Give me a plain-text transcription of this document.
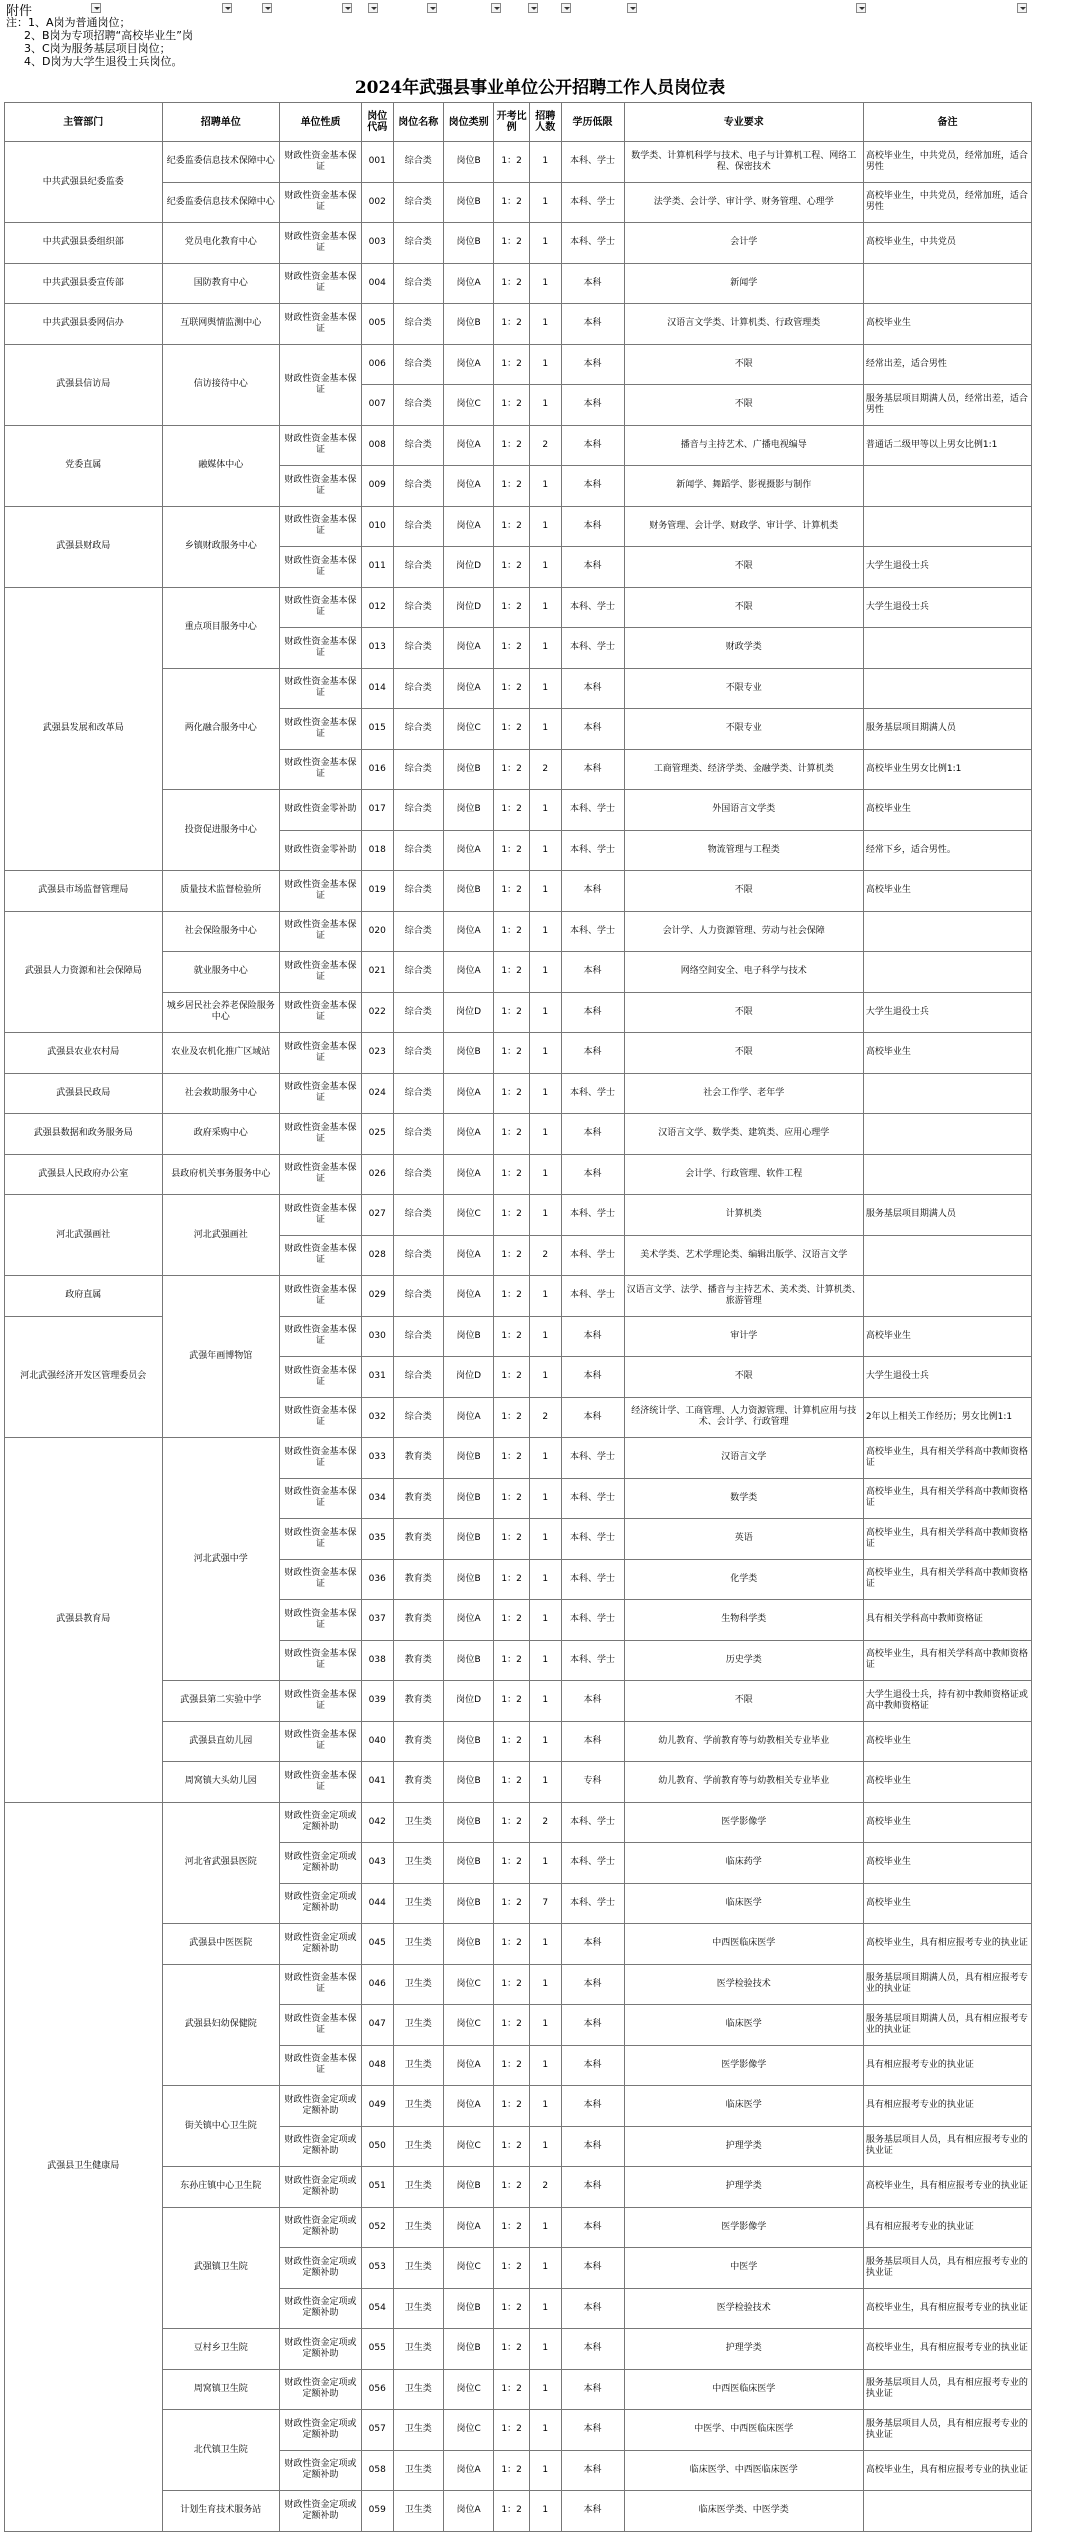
附件
注：1、A岗为普通岗位；
2、B岗为专项招聘“高校毕业生”岗
3、C岗为服务基层项目岗位；
4、D岗为大学生退役士兵岗位。
2024年武强县事业单位公开招聘工作人员岗位表
主管部门	招聘单位	单位性质	岗位代码	岗位名称	岗位类别	开考比例	招聘人数	学历低限	专业要求	备注
中共武强县纪委监委	纪委监委信息技术保障中心	财政性资金基本保证	001	综合类	岗位B	1：2	1	本科、学士	数学类、计算机科学与技术、电子与计算机工程、网络工程、保密技术	高校毕业生，中共党员，经常加班，适合男性
	纪委监委信息技术保障中心	财政性资金基本保证	002	综合类	岗位B	1：2	1	本科、学士	法学类、会计学、审计学、财务管理、心理学	高校毕业生，中共党员，经常加班，适合男性
中共武强县委组织部	党员电化教育中心	财政性资金基本保证	003	综合类	岗位B	1：2	1	本科、学士	会计学	高校毕业生，中共党员
中共武强县委宣传部	国防教育中心	财政性资金基本保证	004	综合类	岗位A	1：2	1	本科	新闻学	
中共武强县委网信办	互联网舆情监测中心	财政性资金基本保证	005	综合类	岗位B	1：2	1	本科	汉语言文学类、计算机类、行政管理类	高校毕业生
武强县信访局	信访接待中心	财政性资金基本保证	006	综合类	岗位A	1：2	1	本科	不限	经常出差，适合男性
			007	综合类	岗位C	1：2	1	本科	不限	服务基层项目期满人员，经常出差，适合男性
党委直属	融媒体中心	财政性资金基本保证	008	综合类	岗位A	1：2	2	本科	播音与主持艺术、广播电视编导	普通话二级甲等以上男女比例1:1
		财政性资金基本保证	009	综合类	岗位A	1：2	1	本科	新闻学、舞蹈学、影视摄影与制作	
武强县财政局	乡镇财政服务中心	财政性资金基本保证	010	综合类	岗位A	1：2	1	本科	财务管理、会计学、财政学、审计学、计算机类	
		财政性资金基本保证	011	综合类	岗位D	1：2	1	本科	不限	大学生退役士兵
武强县发展和改革局	重点项目服务中心	财政性资金基本保证	012	综合类	岗位D	1：2	1	本科、学士	不限	大学生退役士兵
		财政性资金基本保证	013	综合类	岗位A	1：2	1	本科、学士	财政学类	
	两化融合服务中心	财政性资金基本保证	014	综合类	岗位A	1：2	1	本科	不限专业	
		财政性资金基本保证	015	综合类	岗位C	1：2	1	本科	不限专业	服务基层项目期满人员
		财政性资金基本保证	016	综合类	岗位B	1：2	2	本科	工商管理类、经济学类、金融学类、计算机类	高校毕业生男女比例1:1
	投资促进服务中心	财政性资金零补助	017	综合类	岗位B	1：2	1	本科、学士	外国语言文学类	高校毕业生
		财政性资金零补助	018	综合类	岗位A	1：2	1	本科、学士	物流管理与工程类	经常下乡，适合男性。
武强县市场监督管理局	质量技术监督检验所	财政性资金基本保证	019	综合类	岗位B	1：2	1	本科	不限	高校毕业生
武强县人力资源和社会保障局	社会保险服务中心	财政性资金基本保证	020	综合类	岗位A	1：2	1	本科、学士	会计学、人力资源管理、劳动与社会保障	
	就业服务中心	财政性资金基本保证	021	综合类	岗位A	1：2	1	本科	网络空间安全、电子科学与技术	
	城乡居民社会养老保险服务中心	财政性资金基本保证	022	综合类	岗位D	1：2	1	本科	不限	大学生退役士兵
武强县农业农村局	农业及农机化推广区域站	财政性资金基本保证	023	综合类	岗位B	1：2	1	本科	不限	高校毕业生
武强县民政局	社会救助服务中心	财政性资金基本保证	024	综合类	岗位A	1：2	1	本科、学士	社会工作学、老年学	
武强县数据和政务服务局	政府采购中心	财政性资金基本保证	025	综合类	岗位A	1：2	1	本科	汉语言文学、数学类、建筑类、应用心理学	
武强县人民政府办公室	县政府机关事务服务中心	财政性资金基本保证	026	综合类	岗位A	1：2	1	本科	会计学、行政管理、软件工程	
河北武强画社	河北武强画社	财政性资金基本保证	027	综合类	岗位C	1：2	1	本科、学士	计算机类	服务基层项目期满人员
		财政性资金基本保证	028	综合类	岗位A	1：2	2	本科、学士	美术学类、艺术学理论类、编辑出版学、汉语言文学	
政府直属	武强年画博物馆	财政性资金基本保证	029	综合类	岗位A	1：2	1	本科、学士	汉语言文学、法学、播音与主持艺术、美术类、计算机类、旅游管理	
河北武强经济开发区管理委员会		财政性资金基本保证	030	综合类	岗位B	1：2	1	本科	审计学	高校毕业生
		财政性资金基本保证	031	综合类	岗位D	1：2	1	本科	不限	大学生退役士兵
		财政性资金基本保证	032	综合类	岗位A	1：2	2	本科	经济统计学、工商管理、人力资源管理、计算机应用与技术、会计学、行政管理	2年以上相关工作经历；男女比例1:1
武强县教育局	河北武强中学	财政性资金基本保证	033	教育类	岗位B	1：2	1	本科、学士	汉语言文学	高校毕业生，具有相关学科高中教师资格证
		财政性资金基本保证	034	教育类	岗位B	1：2	1	本科、学士	数学类	高校毕业生，具有相关学科高中教师资格证
		财政性资金基本保证	035	教育类	岗位B	1：2	1	本科、学士	英语	高校毕业生，具有相关学科高中教师资格证
		财政性资金基本保证	036	教育类	岗位B	1：2	1	本科、学士	化学类	高校毕业生，具有相关学科高中教师资格证
		财政性资金基本保证	037	教育类	岗位A	1：2	1	本科、学士	生物科学类	具有相关学科高中教师资格证
		财政性资金基本保证	038	教育类	岗位B	1：2	1	本科、学士	历史学类	高校毕业生，具有相关学科高中教师资格证
	武强县第二实验中学	财政性资金基本保证	039	教育类	岗位D	1：2	1	本科	不限	大学生退役士兵，持有初中教师资格证或高中教师资格证
	武强县直幼儿园	财政性资金基本保证	040	教育类	岗位B	1：2	1	本科	幼儿教育、学前教育等与幼教相关专业毕业	高校毕业生
	周窝镇大头幼儿园	财政性资金基本保证	041	教育类	岗位B	1：2	1	专科	幼儿教育、学前教育等与幼教相关专业毕业	高校毕业生
武强县卫生健康局	河北省武强县医院	财政性资金定项或定额补助	042	卫生类	岗位B	1：2	2	本科、学士	医学影像学	高校毕业生
		财政性资金定项或定额补助	043	卫生类	岗位B	1：2	1	本科、学士	临床药学	高校毕业生
		财政性资金定项或定额补助	044	卫生类	岗位B	1：2	7	本科、学士	临床医学	高校毕业生
	武强县中医医院	财政性资金定项或定额补助	045	卫生类	岗位B	1：2	1	本科	中西医临床医学	高校毕业生，具有相应报考专业的执业证
	武强县妇幼保健院	财政性资金基本保证	046	卫生类	岗位C	1：2	1	本科	医学检验技术	服务基层项目期满人员，具有相应报考专业的执业证
		财政性资金基本保证	047	卫生类	岗位C	1：2	1	本科	临床医学	服务基层项目期满人员，具有相应报考专业的执业证
		财政性资金基本保证	048	卫生类	岗位A	1：2	1	本科	医学影像学	具有相应报考专业的执业证
	街关镇中心卫生院	财政性资金定项或定额补助	049	卫生类	岗位A	1：2	1	本科	临床医学	具有相应报考专业的执业证
		财政性资金定项或定额补助	050	卫生类	岗位C	1：2	1	本科	护理学类	服务基层项目人员，具有相应报考专业的执业证
	东孙庄镇中心卫生院	财政性资金定项或定额补助	051	卫生类	岗位B	1：2	2	本科	护理学类	高校毕业生，具有相应报考专业的执业证
	武强镇卫生院	财政性资金定项或定额补助	052	卫生类	岗位A	1：2	1	本科	医学影像学	具有相应报考专业的执业证
		财政性资金定项或定额补助	053	卫生类	岗位C	1：2	1	本科	中医学	服务基层项目人员，具有相应报考专业的执业证
		财政性资金定项或定额补助	054	卫生类	岗位B	1：2	1	本科	医学检验技术	高校毕业生，具有相应报考专业的执业证
	豆村乡卫生院	财政性资金定项或定额补助	055	卫生类	岗位B	1：2	1	本科	护理学类	高校毕业生，具有相应报考专业的执业证
	周窝镇卫生院	财政性资金定项或定额补助	056	卫生类	岗位C	1：2	1	本科	中西医临床医学	服务基层项目人员，具有相应报考专业的执业证
	北代镇卫生院	财政性资金定项或定额补助	057	卫生类	岗位C	1：2	1	本科	中医学、中西医临床医学	服务基层项目人员，具有相应报考专业的执业证
		财政性资金定项或定额补助	058	卫生类	岗位A	1：2	1	本科	临床医学、中西医临床医学	高校毕业生，具有相应报考专业的执业证
	计划生育技术服务站	财政性资金定项或定额补助	059	卫生类	岗位A	1：2	1	本科	临床医学类、中医学类	
